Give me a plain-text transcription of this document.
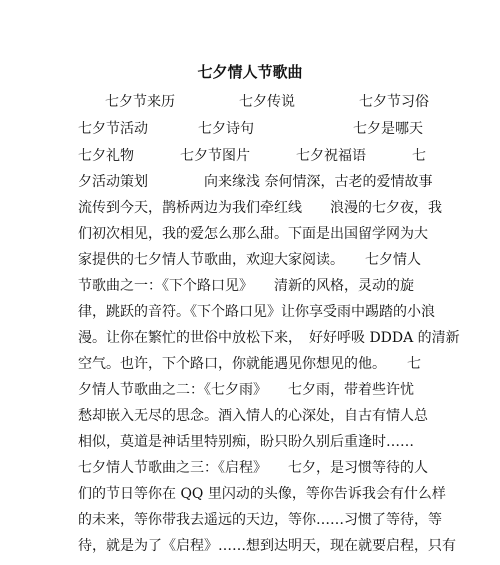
七夕情人节歌曲
七夕节来历	七夕传说	七夕节习俗
七夕节活动	七夕诗句	七夕是哪天
七夕礼物	七夕节图片	七夕祝福语	七
夕活动策划　　　　向来缘浅 奈何情深，古老的爱情故事
流传到今天，鹊桥两边为我们牵红线　　浪漫的七夕夜，我
们初次相见，我的爱怎么那么甜。下面是出国留学网为大
家提供的七夕情人节歌曲，欢迎大家阅读。　　七夕情人
节歌曲之一：《下个路口见》　　清新的风格，灵动的旋
律，跳跃的音符。《下个路口见》让你享受雨中踢踏的小浪
漫。让你在繁忙的世俗中放松下来，　好好呼吸 DDDA 的清新
空气。也许，下个路口，你就能遇见你想见的他。　　七
夕情人节歌曲之二：《七夕雨》　　七夕雨，带着些许忧
愁却嵌入无尽的思念。酒入情人的心深处，自古有情人总
相似，莫道是神话里特别痴，盼只盼久别后重逢时……
七夕情人节歌曲之三：《启程》　　七夕，是习惯等待的人
们的节日等你在 QQ 里闪动的头像，等你告诉我会有什么样
的未来，等你带我去遥远的天边，等你……习惯了等待，等
待，就是为了《启程》……想到达明天，现在就要启程，只有
